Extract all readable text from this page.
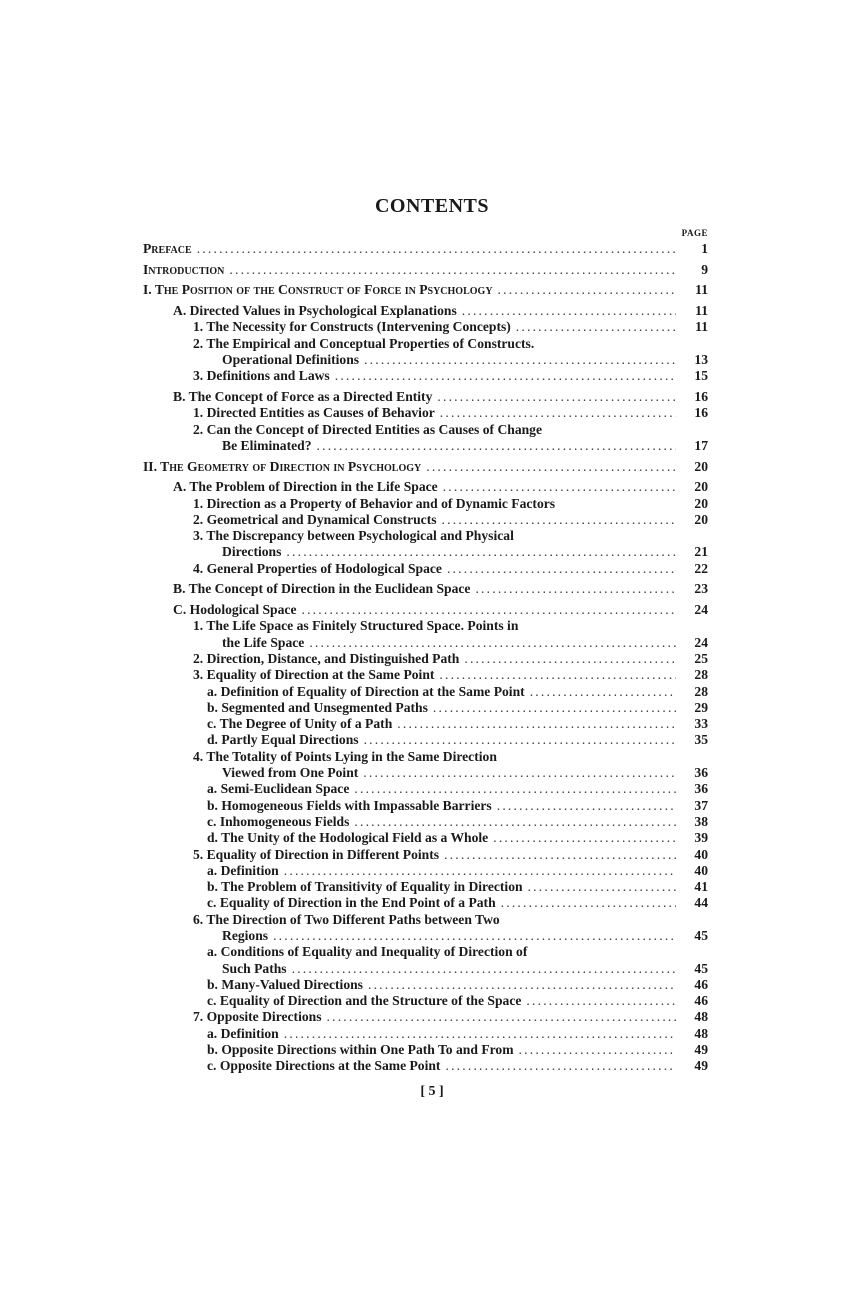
CONTENTS
PAGE
Preface . . .	1
Introduction . . .	9
I. The Position of the Construct of Force in Psychology . . .	11
A. Directed Values in Psychological Explanations . . .	11
1. The Necessity for Constructs (Intervening Concepts) . . .	11
2. The Empirical and Conceptual Properties of Constructs.
Operational Definitions . . .	13
3. Definitions and Laws . . .	15
B. The Concept of Force as a Directed Entity . . .	16
1. Directed Entities as Causes of Behavior . . .	16
2. Can the Concept of Directed Entities as Causes of Change
Be Eliminated? . . .	17
II. The Geometry of Direction in Psychology . . .	20
A. The Problem of Direction in the Life Space . . .	20
1. Direction as a Property of Behavior and of Dynamic Factors	20
2. Geometrical and Dynamical Constructs . . .	20
3. The Discrepancy between Psychological and Physical
Directions . . .	21
4. General Properties of Hodological Space . . .	22
B. The Concept of Direction in the Euclidean Space . . .	23
C. Hodological Space . . .	24
1. The Life Space as Finitely Structured Space. Points in
the Life Space . . .	24
2. Direction, Distance, and Distinguished Path . . .	25
3. Equality of Direction at the Same Point . . .	28
a. Definition of Equality of Direction at the Same Point . . .	28
b. Segmented and Unsegmented Paths . . .	29
c. The Degree of Unity of a Path . . .	33
d. Partly Equal Directions . . .	35
4. The Totality of Points Lying in the Same Direction
Viewed from One Point . . .	36
a. Semi-Euclidean Space . . .	36
b. Homogeneous Fields with Impassable Barriers . . .	37
c. Inhomogeneous Fields . . .	38
d. The Unity of the Hodological Field as a Whole . . .	39
5. Equality of Direction in Different Points . . .	40
a. Definition . . .	40
b. The Problem of Transitivity of Equality in Direction . . .	41
c. Equality of Direction in the End Point of a Path . . .	44
6. The Direction of Two Different Paths between Two
Regions . . .	45
a. Conditions of Equality and Inequality of Direction of
Such Paths . . .	45
b. Many-Valued Directions . . .	46
c. Equality of Direction and the Structure of the Space . . .	46
7. Opposite Directions . . .	48
a. Definition . . .	48
b. Opposite Directions within One Path To and From . . .	49
c. Opposite Directions at the Same Point . . .	49
[ 5 ]
